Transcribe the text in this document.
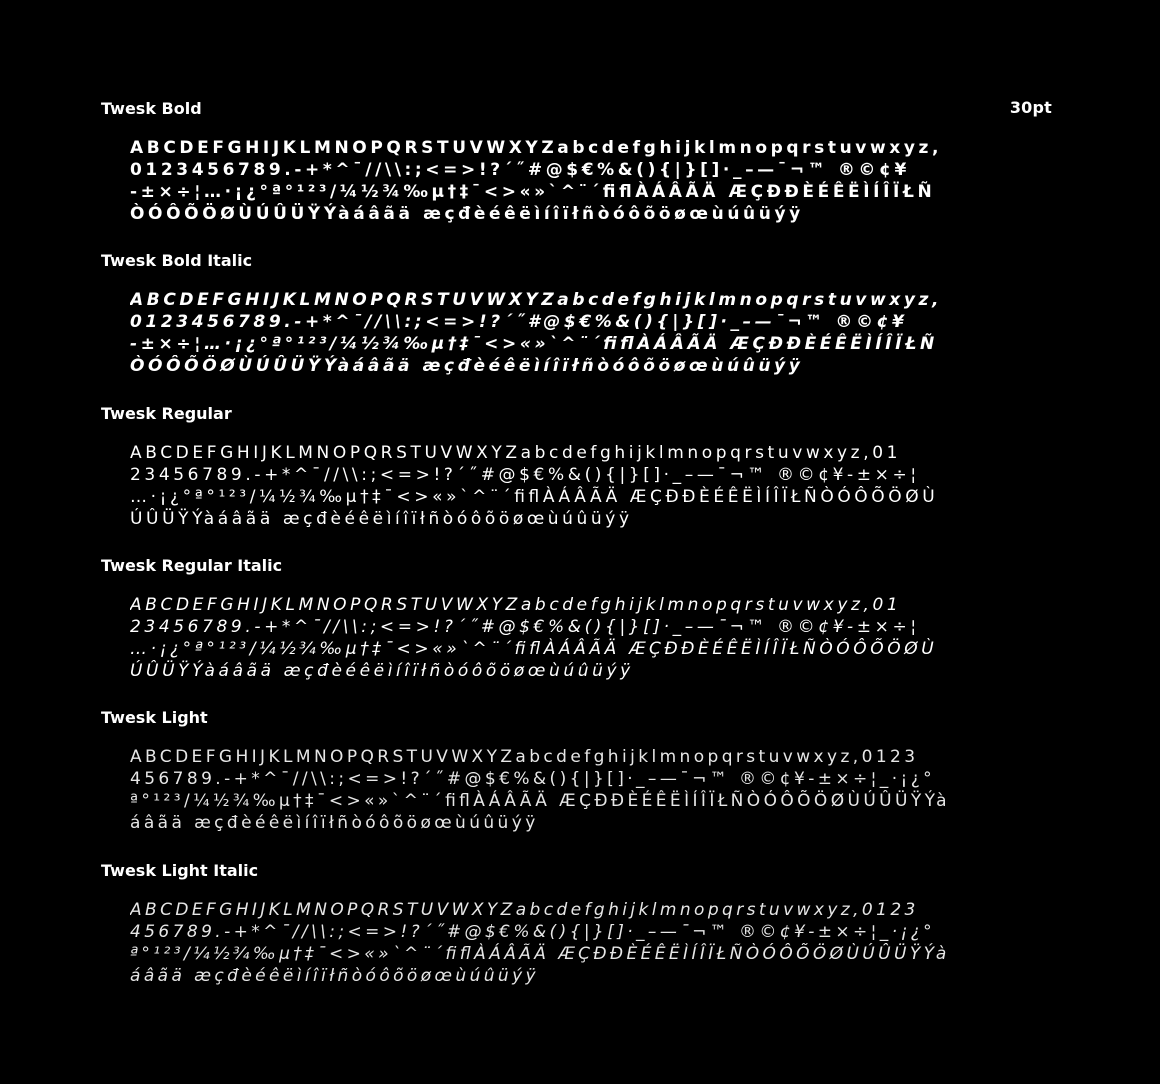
30pt
Twesk Bold
ABCDEFGHIJKLMNOPQRSTUVWXYZabcdefghijklmnopqrstuvwxyz,
0123456789.-+*^¯//\\:;<=>!?´˝#@$€%&(){|}[]·_–—¯¬™ ®©¢¥
-±×÷¦…·¡¿°ª°¹²³/¼½¾‰µ†‡¯<>«»`^¨´ﬁﬂÀÁÂÃÄ ÆÇĐÐÈÉÊËÌÍÎÏŁÑ
ÒÓÔÕÖØÙÚÛÜŸÝàáâãä æçđèéêëìíîïłñòóôõöøœùúûüýÿ
Twesk Bold Italic
ABCDEFGHIJKLMNOPQRSTUVWXYZabcdefghijklmnopqrstuvwxyz,
0123456789.-+*^¯//\\:;<=>!?´˝#@$€%&(){|}[]·_–—¯¬™ ®©¢¥
-±×÷¦…·¡¿°ª°¹²³/¼½¾‰µ†‡¯<>«»`^¨´ﬁﬂÀÁÂÃÄ ÆÇĐÐÈÉÊËÌÍÎÏŁÑ
ÒÓÔÕÖØÙÚÛÜŸÝàáâãä æçđèéêëìíîïłñòóôõöøœùúûüýÿ
Twesk Regular
ABCDEFGHIJKLMNOPQRSTUVWXYZabcdefghijklmnopqrstuvwxyz,01
23456789.-+*^¯//\\:;<=>!?´˝#@$€%&(){|}[]·_–—¯¬™ ®©¢¥-±×÷¦
…·¡¿°ª°¹²³/¼½¾‰µ†‡¯<>«»`^¨´ﬁﬂÀÁÂÃÄ ÆÇĐÐÈÉÊËÌÍÎÏŁÑÒÓÔÕÖØÙ
ÚÛÜŸÝàáâãä æçđèéêëìíîïłñòóôõöøœùúûüýÿ
Twesk Regular Italic
ABCDEFGHIJKLMNOPQRSTUVWXYZabcdefghijklmnopqrstuvwxyz,01
23456789.-+*^¯//\\:;<=>!?´˝#@$€%&(){|}[]·_–—¯¬™ ®©¢¥-±×÷¦
…·¡¿°ª°¹²³/¼½¾‰µ†‡¯<>«»`^¨´ﬁﬂÀÁÂÃÄ ÆÇĐÐÈÉÊËÌÍÎÏŁÑÒÓÔÕÖØÙ
ÚÛÜŸÝàáâãä æçđèéêëìíîïłñòóôõöøœùúûüýÿ
Twesk Light
ABCDEFGHIJKLMNOPQRSTUVWXYZabcdefghijklmnopqrstuvwxyz,0123
456789.-+*^¯//\\:;<=>!?´˝#@$€%&(){|}[]·_–—¯¬™ ®©¢¥-±×÷¦_·¡¿°
ª°¹²³/¼½¾‰µ†‡¯<>«»`^¨´ﬁﬂÀÁÂÃÄ ÆÇĐÐÈÉÊËÌÍÎÏŁÑÒÓÔÕÖØÙÚÛÜŸÝà
áâãä æçđèéêëìíîïłñòóôõöøœùúûüýÿ
Twesk Light Italic
ABCDEFGHIJKLMNOPQRSTUVWXYZabcdefghijklmnopqrstuvwxyz,0123
456789.-+*^¯//\\:;<=>!?´˝#@$€%&(){|}[]·_–—¯¬™ ®©¢¥-±×÷¦_·¡¿°
ª°¹²³/¼½¾‰µ†‡¯<>«»`^¨´ﬁﬂÀÁÂÃÄ ÆÇĐÐÈÉÊËÌÍÎÏŁÑÒÓÔÕÖØÙÚÛÜŸÝà
áâãä æçđèéêëìíîïłñòóôõöøœùúûüýÿ
